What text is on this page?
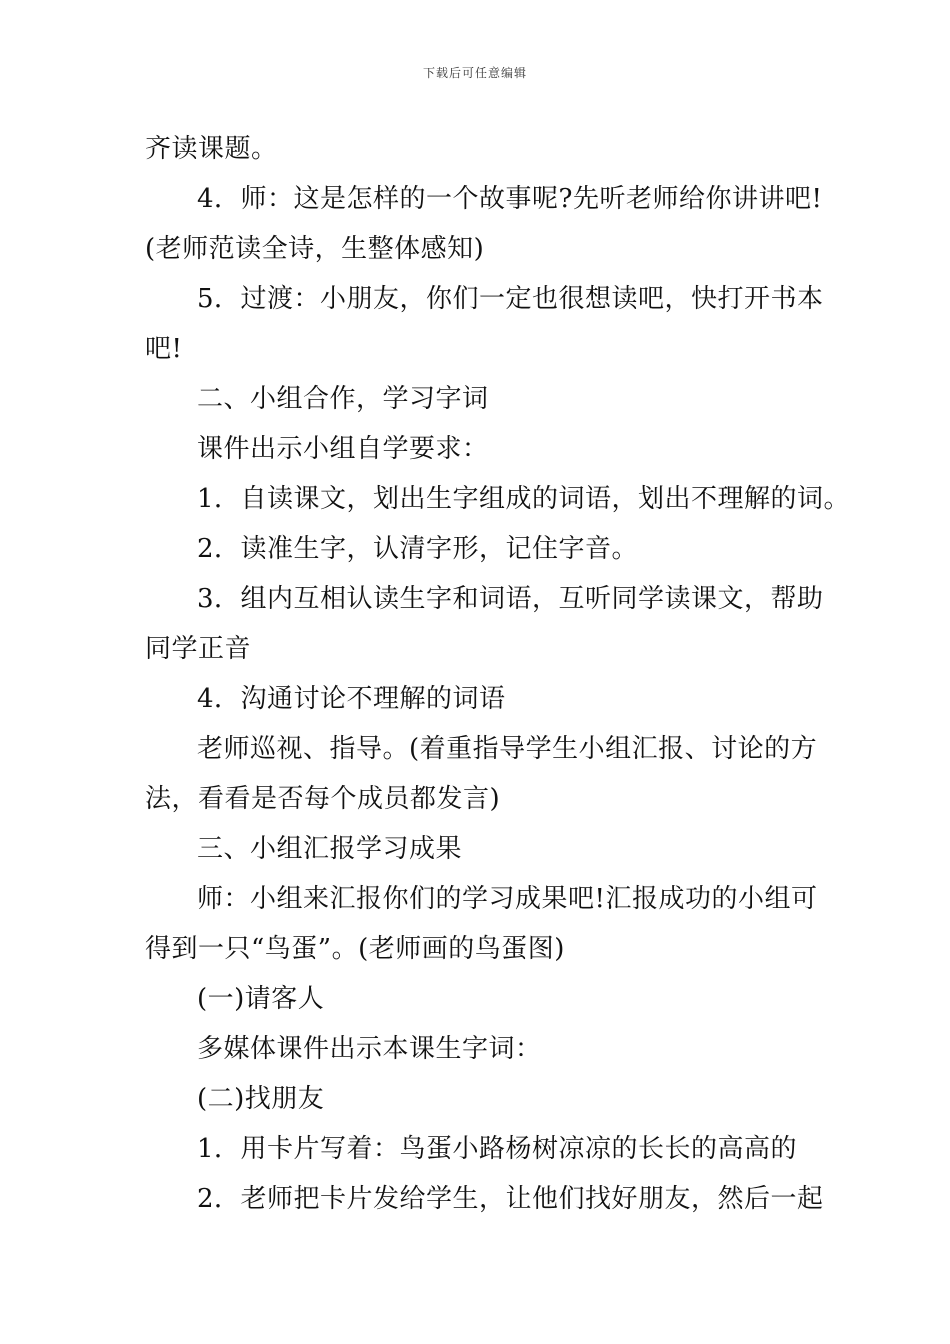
下载后可任意编辑
齐读课题。
4．师：这是怎样的一个故事呢?先听老师给你讲讲吧!
(老师范读全诗，生整体感知)
5．过渡：小朋友，你们一定也很想读吧，快打开书本
吧!
二、小组合作，学习字词
课件出示小组自学要求：
1．自读课文，划出生字组成的词语，划出不理解的词。
2．读准生字，认清字形，记住字音。
3．组内互相认读生字和词语，互听同学读课文，帮助
同学正音
4．沟通讨论不理解的词语
老师巡视、指导。(着重指导学生小组汇报、讨论的方
法，看看是否每个成员都发言)
三、小组汇报学习成果
师：小组来汇报你们的学习成果吧!汇报成功的小组可
得到一只“鸟蛋”。(老师画的鸟蛋图)
(一)请客人
多媒体课件出示本课生字词：
(二)找朋友
1．用卡片写着：鸟蛋小路杨树凉凉的长长的高高的
2．老师把卡片发给学生，让他们找好朋友，然后一起
